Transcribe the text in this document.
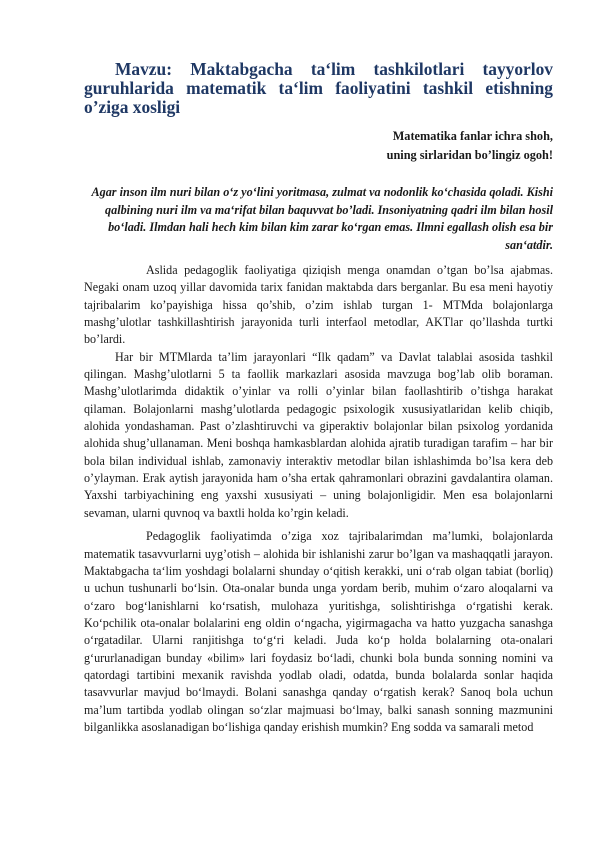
Mavzu: Maktabgacha ta‘lim tashkilotlari tayyorlov guruhlarida matematik ta‘lim faoliyatini tashkil etishning o’ziga xosligi
Matematika fanlar ichra shoh,
uning sirlaridan bo’lingiz ogoh!

Agar inson ilm nuri bilan o‘z yo‘lini yoritmasa, zulmat va nodonlik ko‘chasida qoladi. Kishi qalbining nuri ilm va ma‘rifat bilan baquvvat bo’ladi. Insoniyatning qadri ilm bilan hosil bo‘ladi. Ilmdan hali hech kim bilan kim zarar ko‘rgan emas. Ilmni egallash olish esa bir san‘atdir.

Aslida pedagoglik faoliyatiga qiziqish menga onamdan o’tgan bo’lsa ajabmas. Negaki onam uzoq yillar davomida tarix fanidan maktabda dars berganlar. Bu esa meni hayotiy tajribalarim ko’payishiga hissa qo’shib, o’zim ishlab turgan 1- MTMda bolajonlarga mashg’ulotlar tashkillashtirish jarayonida turli interfaol metodlar, AKTlar qo’llashda turtki bo’lardi.

Har bir MTMlarda ta’lim jarayonlari “Ilk qadam” va Davlat talablai asosida tashkil qilingan. Mashg’ulotlarni 5 ta faollik markazlari asosida mavzuga bog’lab olib boraman. Mashg’ulotlarimda didaktik o’yinlar va rolli o’yinlar bilan faollashtirib o’tishga harakat qilaman. Bolajonlarni mashg’ulotlarda pedagogic psixologik xususiyatlaridan kelib chiqib, alohida yondashaman. Past o’zlashtiruvchi va giperaktiv bolajonlar bilan psixolog yordanida alohida shug’ullanaman. Meni boshqa hamkasblardan alohida ajratib turadigan tarafim – har bir bola bilan individual ishlab, zamonaviy interaktiv metodlar bilan ishlashimda bo’lsa kera deb o’ylayman. Erak aytish jarayonida ham o’sha ertak qahramonlari obrazini gavdalantira olaman. Yaxshi tarbiyachining eng yaxshi xususiyati – uning bolajonligidir. Men esa bolajonlarni sevaman, ularni quvnoq va baxtli holda ko’rgin keladi.

Pedagoglik faoliyatimda o’ziga xoz tajribalarimdan ma’lumki, bolajonlarda matematik tasavvurlarni uyg’otish – alohida bir ishlanishi zarur bo’lgan va mashaqqatli jarayon. Maktabgacha ta‘lim yoshdagi bolalarni shunday o‘qitish kerakki, uni o‘rab olgan tabiat (borliq) u uchun tushunarli bo‘lsin. Ota-onalar bunda unga yordam berib, muhim o‘zaro aloqalarni va o‘zaro bog‘lanishlarni ko‘rsatish, mulohaza yuritishga, solishtirishga o‘rgatishi kerak. Ko‘pchilik ota-onalar bolalarini eng oldin o‘ngacha, yigirmagacha va hatto yuzgacha sanashga o‘rgatadilar. Ularni ranjitishga to‘g‘ri keladi. Juda ko‘p holda bolalarning ota-onalari g‘ururlanadigan bunday «bilim» lari foydasiz bo‘ladi, chunki bola bunda sonning nomini va qatordagi tartibini mexanik ravishda yodlab oladi, odatda, bunda bolalarda sonlar haqida tasavvurlar mavjud bo‘lmaydi. Bolani sanashga qanday o‘rgatish kerak? Sanoq bola uchun ma’lum tartibda yodlab olingan so‘zlar majmuasi bo‘lmay, balki sanash sonning mazmunini bilganlikka asoslanadigan bo‘lishiga qanday erishish mumkin? Eng sodda va samarali metod
